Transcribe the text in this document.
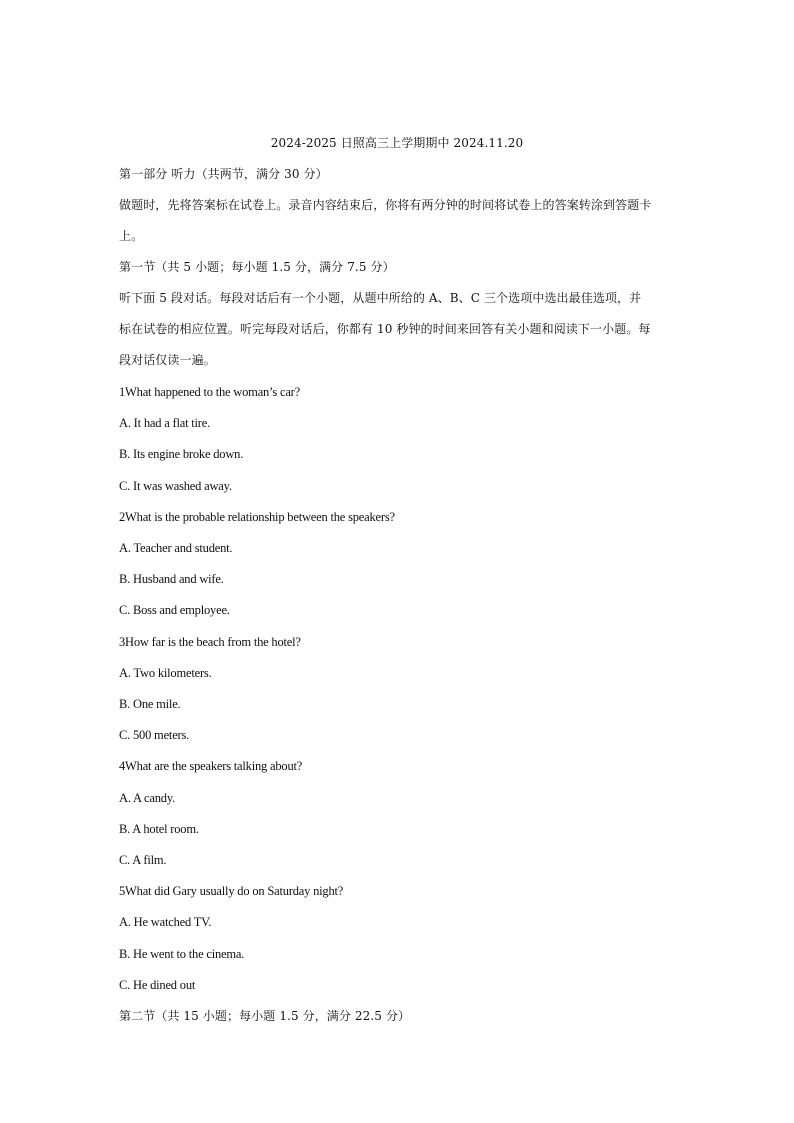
2024-2025 日照高三上学期期中 2024.11.20
第一部分 听力（共两节，满分 30 分）
做题时，先将答案标在试卷上。录音内容结束后，你将有两分钟的时间将试卷上的答案转涂到答题卡
上。
第一节（共 5 小题；每小题 1.5 分，满分 7.5 分）
听下面 5 段对话。每段对话后有一个小题，从题中所给的 A、B、C 三个选项中选出最佳选项，并
标在试卷的相应位置。听完每段对话后，你都有 10 秒钟的时间来回答有关小题和阅读下一小题。每
段对话仅读一遍。
1What happened to the woman’s car?
A. It had a flat tire.
B. Its engine broke down.
C. It was washed away.
2What is the probable relationship between the speakers?
A. Teacher and student.
B. Husband and wife.
C. Boss and employee.
3How far is the beach from the hotel?
A. Two kilometers.
B. One mile.
C. 500 meters.
4What are the speakers talking about?
A. A candy.
B. A hotel room.
C. A film.
5What did Gary usually do on Saturday night?
A. He watched TV.
B. He went to the cinema.
C. He dined out
第二节（共 15 小题；每小题 1.5 分，满分 22.5 分）
